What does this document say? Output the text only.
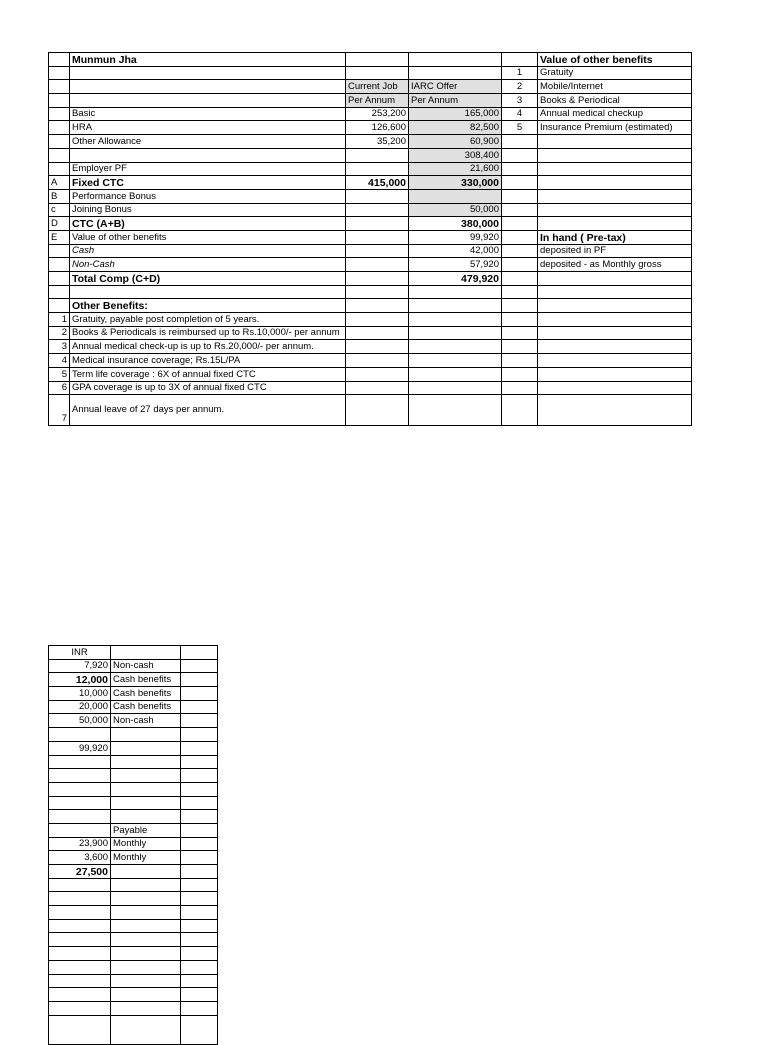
	Munmun Jha				Value of other benefits
				1	Gratuity
		Current Job	IARC Offer	2	Mobile/Internet
		Per Annum	Per Annum	3	Books & Periodical
	Basic	253,200	165,000	4	Annual medical checkup
	HRA	126,600	82,500	5	Insurance Premium (estimated)
	Other Allowance	35,200	60,900		
			308,400		
	Employer PF		21,600		
A	Fixed CTC	415,000	330,000		
B	Performance Bonus				
c	Joining Bonus		50,000		
D	CTC (A+B)		380,000		
E	Value of other benefits		99,920		In hand ( Pre-tax)
	Cash		42,000		deposited in PF
	Non-Cash		57,920		deposited - as Monthly gross
	Total Comp (C+D)		479,920		

	Other Benefits:				
1	Gratuity, payable post completion of 5 years.				
2	Books & Periodicals is reimbursed up to Rs.10,000/- per annum				
3	Annual medical check-up is up to Rs.20,000/- per annum.				
4	Medical insurance coverage; Rs.15L/PA				
5	Term life coverage : 6X of annual fixed CTC				
6	GPA coverage is up to 3X of annual fixed CTC				
7	Annual leave of 27 days per annum.				
INR		
7,920	Non-cash	
12,000	Cash benefits	
10,000	Cash benefits	
20,000	Cash benefits	
50,000	Non-cash	

99,920		

	Payable	
23,900	Monthly	
3,600	Monthly	
27,500		
